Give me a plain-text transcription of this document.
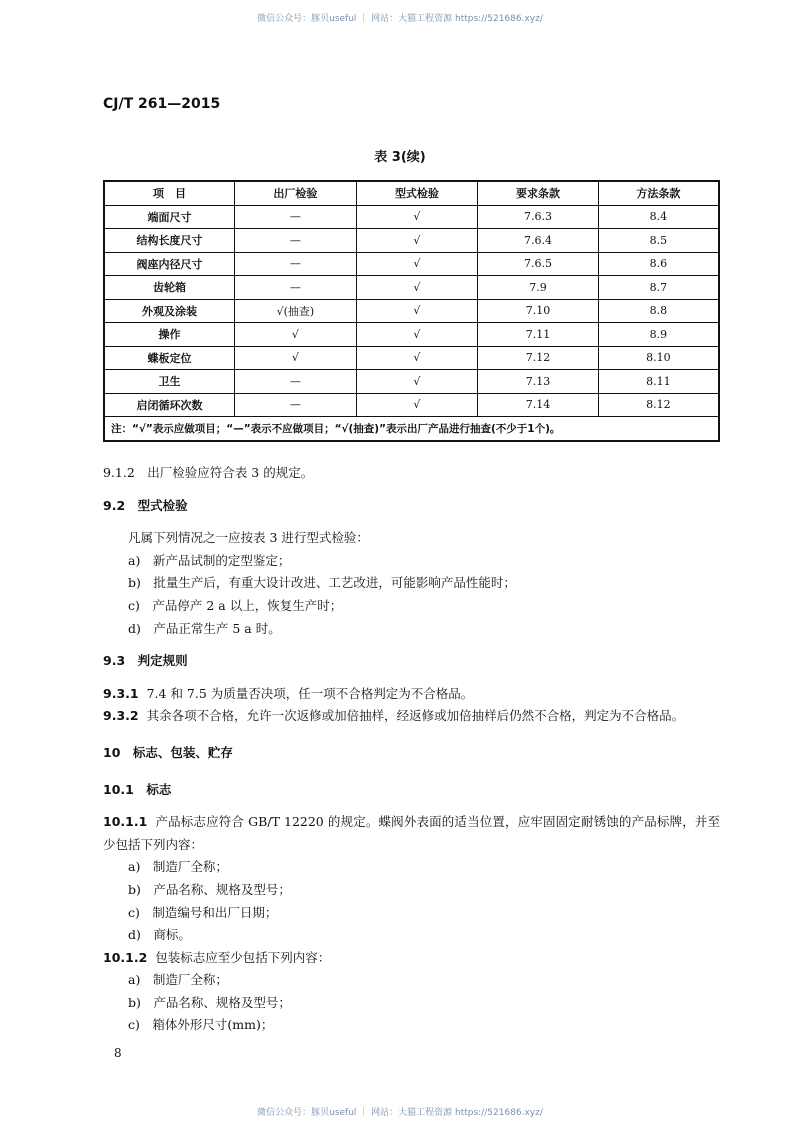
微信公众号：豚贝useful ｜ 网站：大猫工程资源 https://521686.xyz/
CJ/T 261—2015
表 3(续)
项　目	出厂检验	型式检验	要求条款	方法条款
端面尺寸	—	√	7.6.3	8.4
结构长度尺寸	—	√	7.6.4	8.5
阀座内径尺寸	—	√	7.6.5	8.6
齿轮箱	—	√	7.9	8.7
外观及涂装	√(抽查)	√	7.10	8.8
操作	√	√	7.11	8.9
蝶板定位	√	√	7.12	8.10
卫生	—	√	7.13	8.11
启闭循环次数	—	√	7.14	8.12
注：“√”表示应做项目；“—”表示不应做项目；“√(抽查)”表示出厂产品进行抽查(不少于1个)。				

9.1.2　出厂检验应符合表 3 的规定。

9.2　型式检验

凡属下列情况之一应按表 3 进行型式检验：

a)　新产品试制的定型鉴定；

b)　批量生产后，有重大设计改进、工艺改进，可能影响产品性能时；

c)　产品停产 2 a 以上，恢复生产时；

d)　产品正常生产 5 a 时。

9.3　判定规则

9.3.1 7.4 和 7.5 为质量否决项，任一项不合格判定为不合格品。

9.3.2 其余各项不合格，允许一次返修或加倍抽样，经返修或加倍抽样后仍然不合格，判定为不合格品。

10　标志、包装、贮存

10.1　标志

10.1.1 产品标志应符合 GB/T 12220 的规定。蝶阀外表面的适当位置，应牢固固定耐锈蚀的产品标牌，并至少包括下列内容：

a)　制造厂全称；

b)　产品名称、规格及型号；

c)　制造编号和出厂日期；

d)　商标。

10.1.2 包装标志应至少包括下列内容：

a)　制造厂全称；

b)　产品名称、规格及型号；

c)　箱体外形尺寸(mm)；

8
微信公众号：豚贝useful ｜ 网站：大猫工程资源 https://521686.xyz/
